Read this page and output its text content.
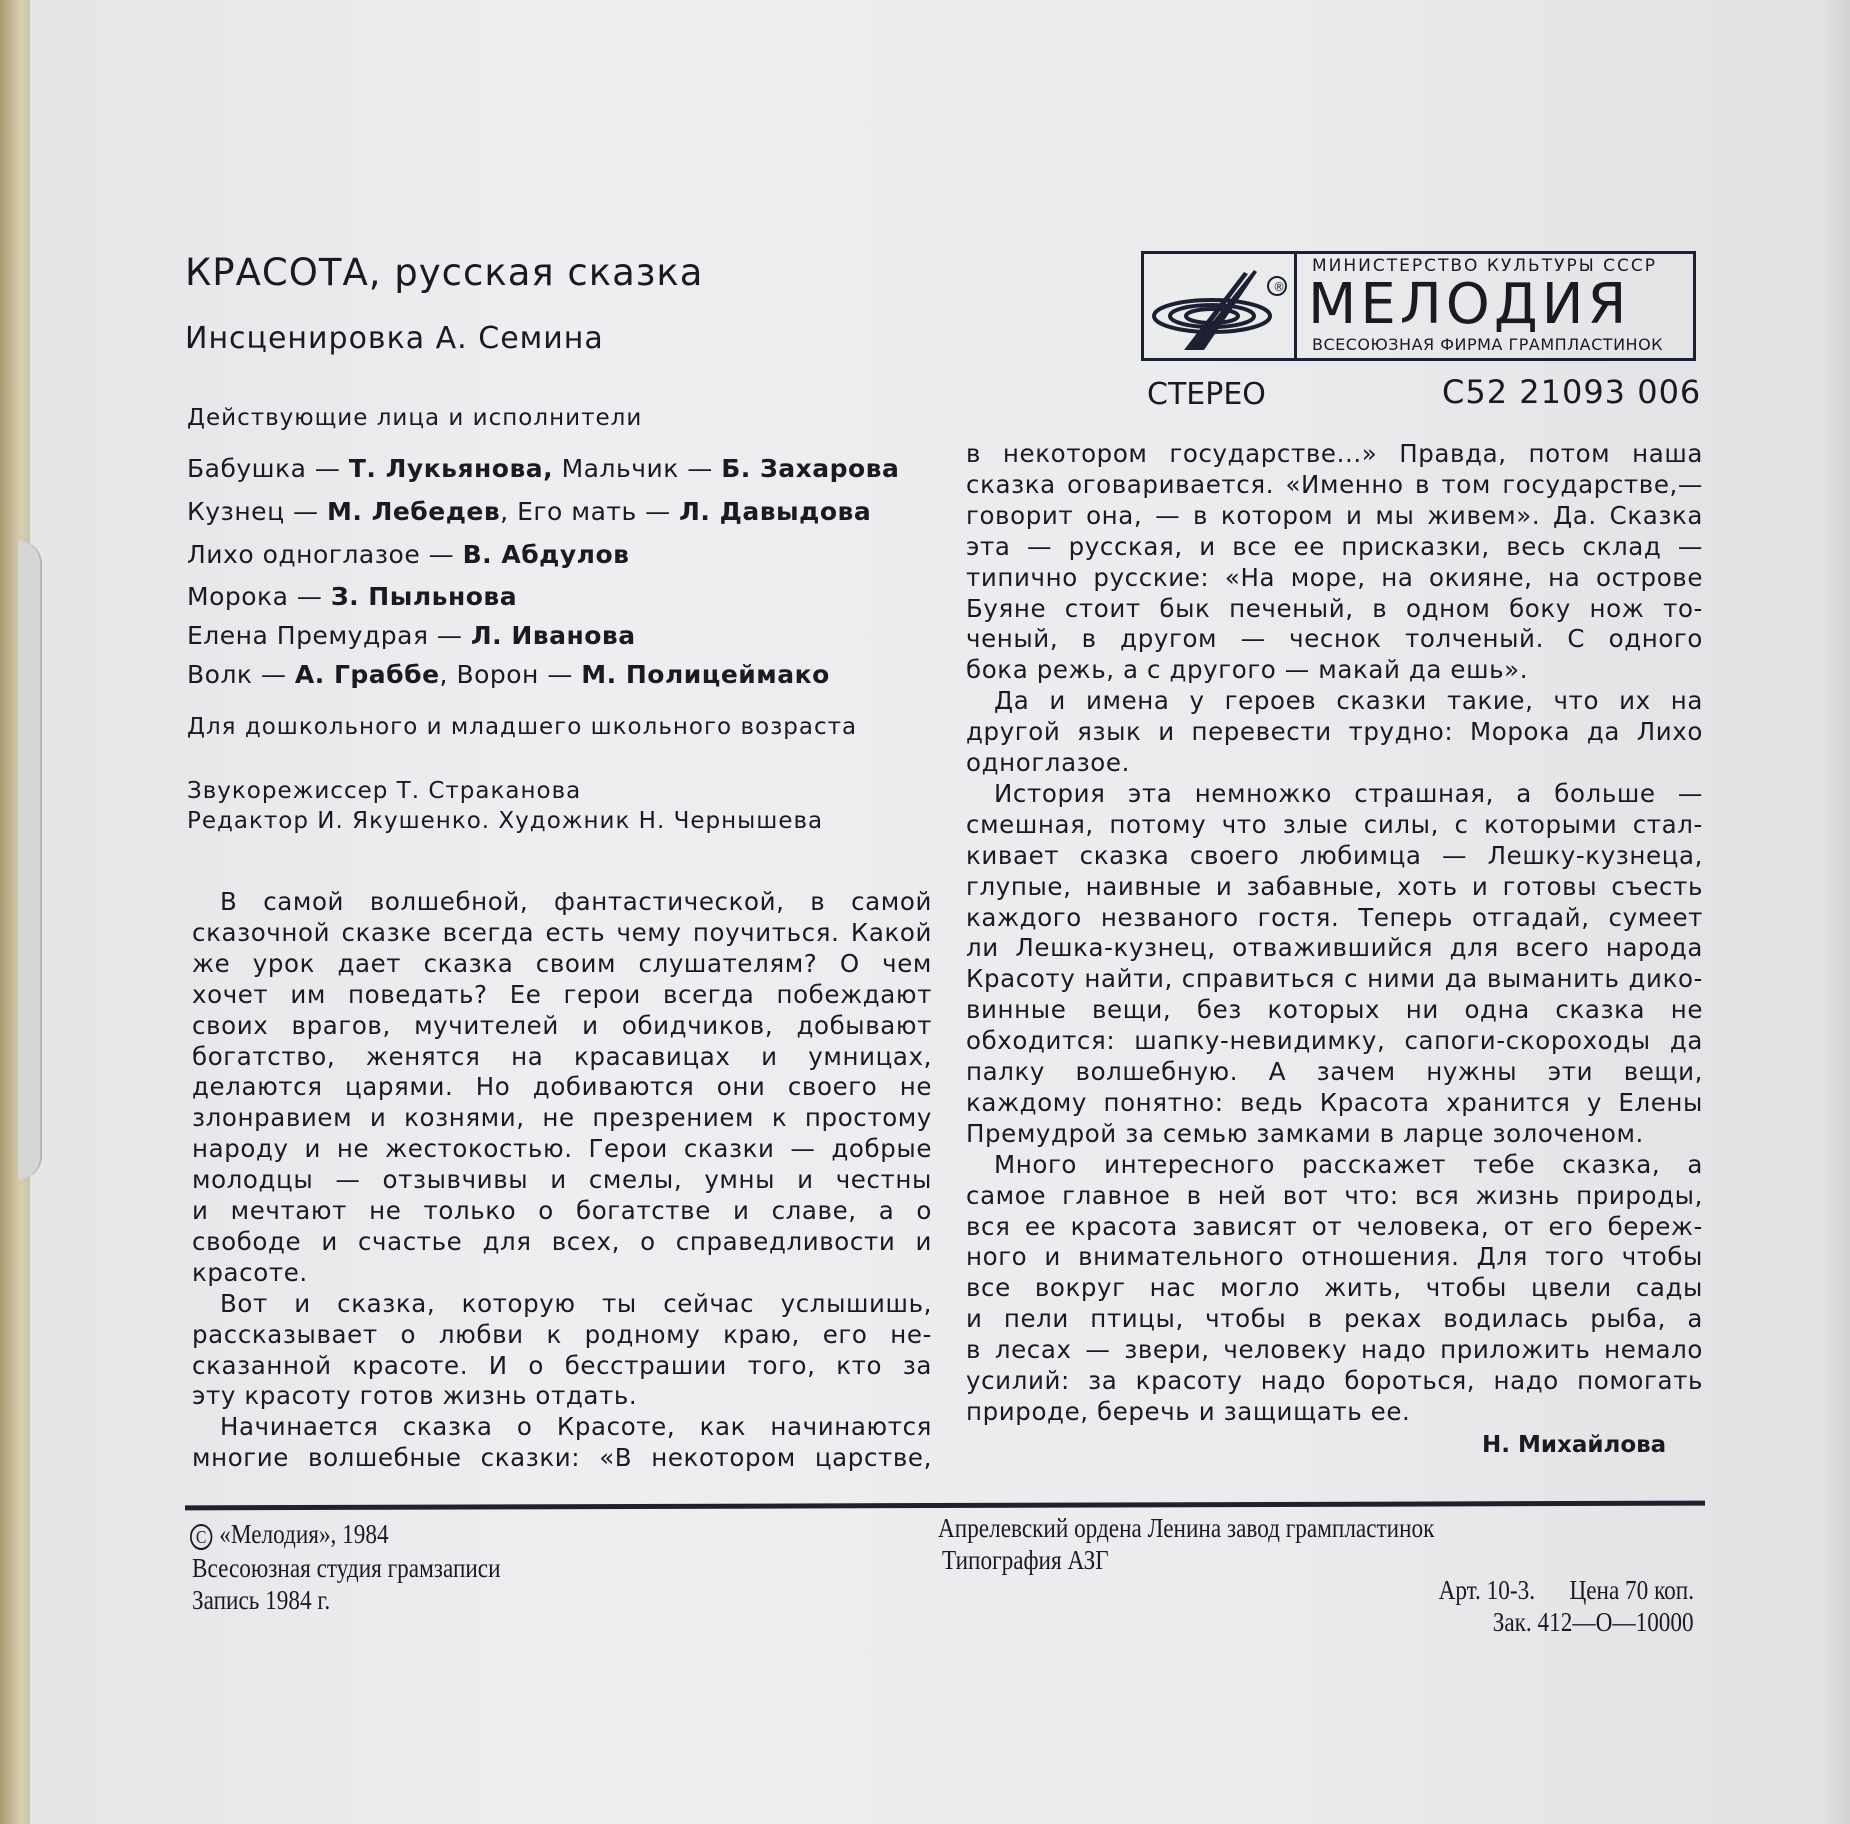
КРАСОТА, русская сказка
Инсценировка А. Семина
Действующие лица и исполнители
Бабушка — Т. Лукьянова, Мальчик — Б. Захарова
Кузнец — М. Лебедев, Его мать — Л. Давыдова
Лихо одноглазое — В. Абдулов
Морока — З. Пыльнова
Елена Премудрая — Л. Иванова
Волк — А. Граббе, Ворон — М. Полицеймако
Для дошкольного и младшего школьного возраста
Звукорежиссер Т. Страканова
Редактор И. Якушенко. Художник Н. Чернышева
®
МИНИСТЕРСТВО КУЛЬТУРЫ СССР
МЕЛОДИЯ
ВСЕСОЮЗНАЯ ФИРМА ГРАМПЛАСТИНОК
СТЕРЕО	С52 21093 006
В самой волшебной, фантастической, в самой
сказочной сказке всегда есть чему поучиться. Какой
же урок дает сказка своим слушателям? О чем
хочет им поведать? Ее герои всегда побеждают
своих врагов, мучителей и обидчиков, добывают
богатство, женятся на красавицах и умницах,
делаются царями. Но добиваются они своего не
злонравием и кознями, не презрением к простому
народу и не жестокостью. Герои сказки — добрые
молодцы — отзывчивы и смелы, умны и честны
и мечтают не только о богатстве и славе, а о
свободе и счастье для всех, о справедливости и
красоте.
Вот и сказка, которую ты сейчас услышишь,
рассказывает о любви к родному краю, его не-
сказанной красоте. И о бесстрашии того, кто за
эту красоту готов жизнь отдать.
Начинается сказка о Красоте, как начинаются
многие волшебные сказки: «В некотором царстве,
в некотором государстве...» Правда, потом наша
сказка оговаривается. «Именно в том государстве,—
говорит она, — в котором и мы живем». Да. Сказка
эта — русская, и все ее присказки, весь склад —
типично русские: «На море, на окияне, на острове
Буяне стоит бык печеный, в одном боку нож то-
ченый, в другом — чеснок толченый. С одного
бока режь, а с другого — макай да ешь».
Да и имена у героев сказки такие, что их на
другой язык и перевести трудно: Морока да Лихо
одноглазое.
История эта немножко страшная, а больше —
смешная, потому что злые силы, с которыми стал-
кивает сказка своего любимца — Лешку-кузнеца,
глупые, наивные и забавные, хоть и готовы съесть
каждого незваного гостя. Теперь отгадай, сумеет
ли Лешка-кузнец, отважившийся для всего народа
Красоту найти, справиться с ними да выманить дико-
винные вещи, без которых ни одна сказка не
обходится: шапку-невидимку, сапоги-скороходы да
палку волшебную. А зачем нужны эти вещи,
каждому понятно: ведь Красота хранится у Елены
Премудрой за семью замками в ларце золоченом.
Много интересного расскажет тебе сказка, а
самое главное в ней вот что: вся жизнь природы,
вся ее красота зависят от человека, от его береж-
ного и внимательного отношения. Для того чтобы
все вокруг нас могло жить, чтобы цвели сады
и пели птицы, чтобы в реках водилась рыба, а
в лесах — звери, человеку надо приложить немало
усилий: за красоту надо бороться, надо помогать
природе, беречь и защищать ее.
Н. Михайлова
C «Мелодия», 1984
Всесоюзная студия грамзаписи
Запись 1984 г.
Апрелевский ордена Ленина завод грампластинок
Типография АЗГ
Арт. 10-3. Цена 70 коп.
Зак. 412—О—10000
